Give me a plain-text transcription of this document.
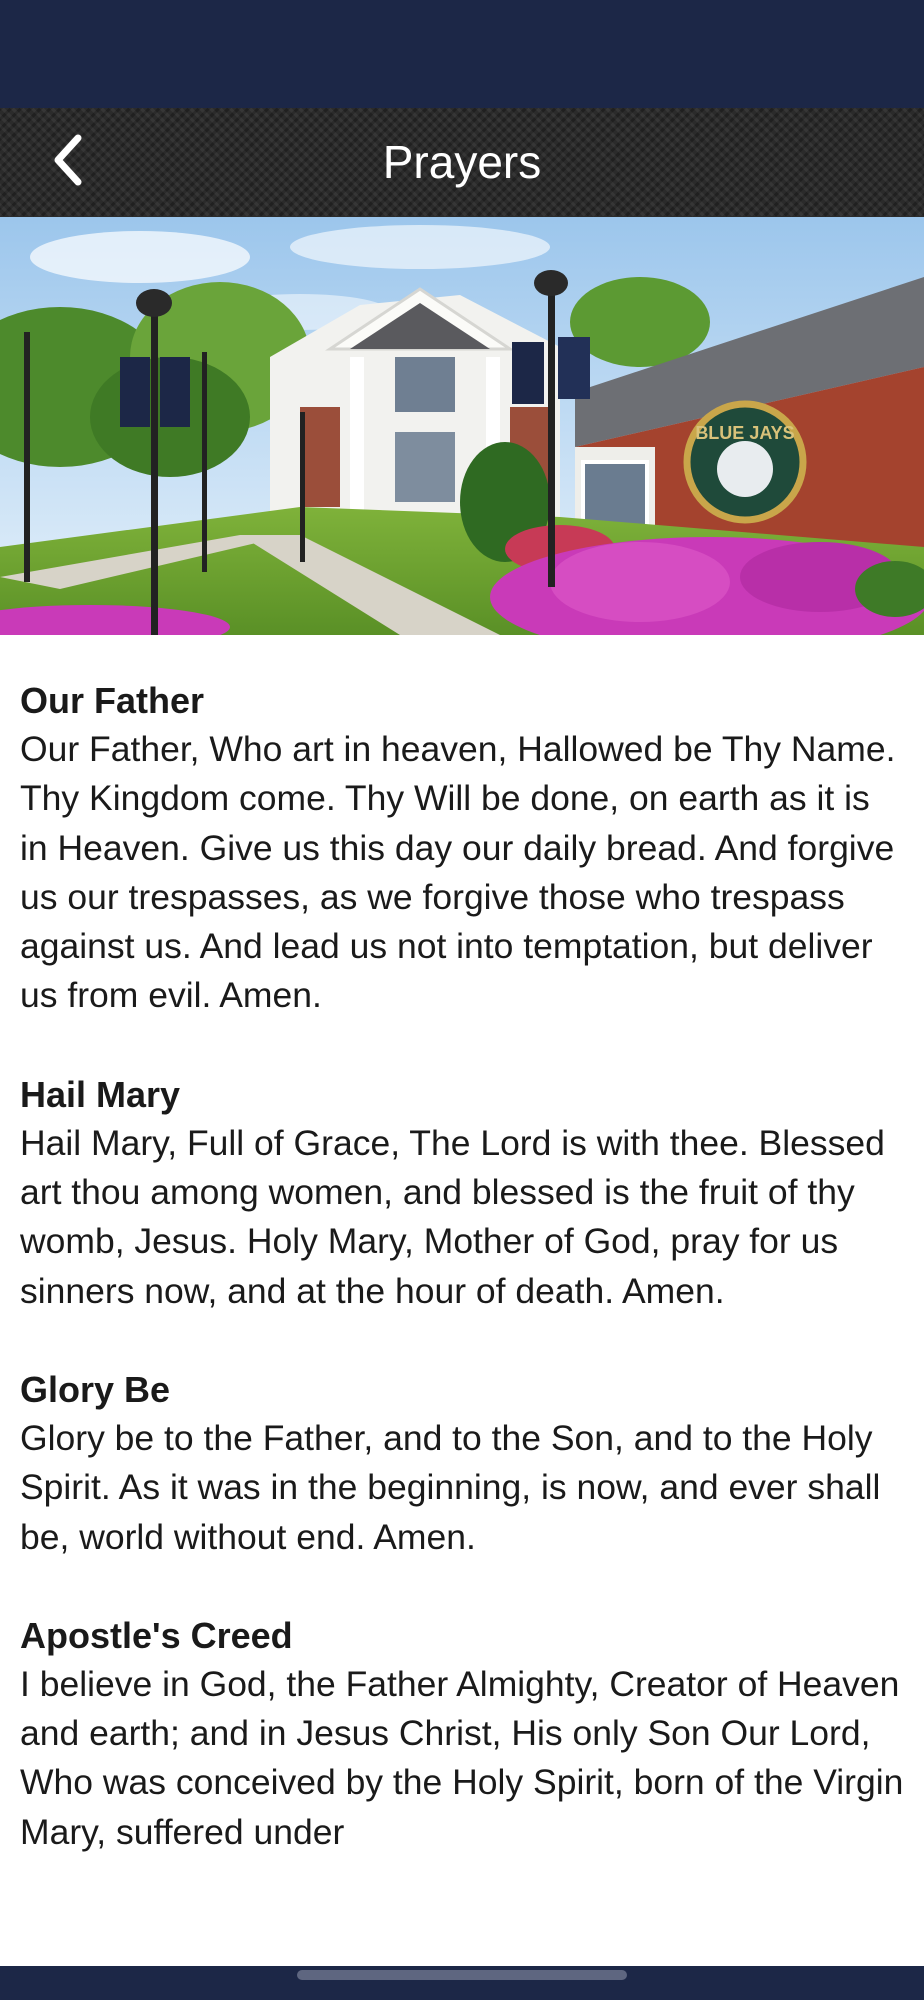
Prayers
BLUE JAYS
Our Father
Our Father, Who art in heaven, Hallowed be Thy Name. Thy Kingdom come. Thy Will be done, on earth as it is in Heaven. Give us this day our daily bread. And forgive us our trespasses, as we forgive those who trespass against us. And lead us not into temptation, but deliver us from evil. Amen.
Hail Mary
Hail Mary, Full of Grace, The Lord is with thee. Blessed art thou among women, and blessed is the fruit of thy womb, Jesus. Holy Mary, Mother of God, pray for us sinners now, and at the hour of death. Amen.
Glory Be
Glory be to the Father, and to the Son, and to the Holy Spirit. As it was in the beginning, is now, and ever shall be, world without end. Amen.
Apostle's Creed
I believe in God, the Father Almighty, Creator of Heaven and earth; and in Jesus Christ, His only Son Our Lord, Who was conceived by the Holy Spirit, born of the Virgin Mary, suffered under
